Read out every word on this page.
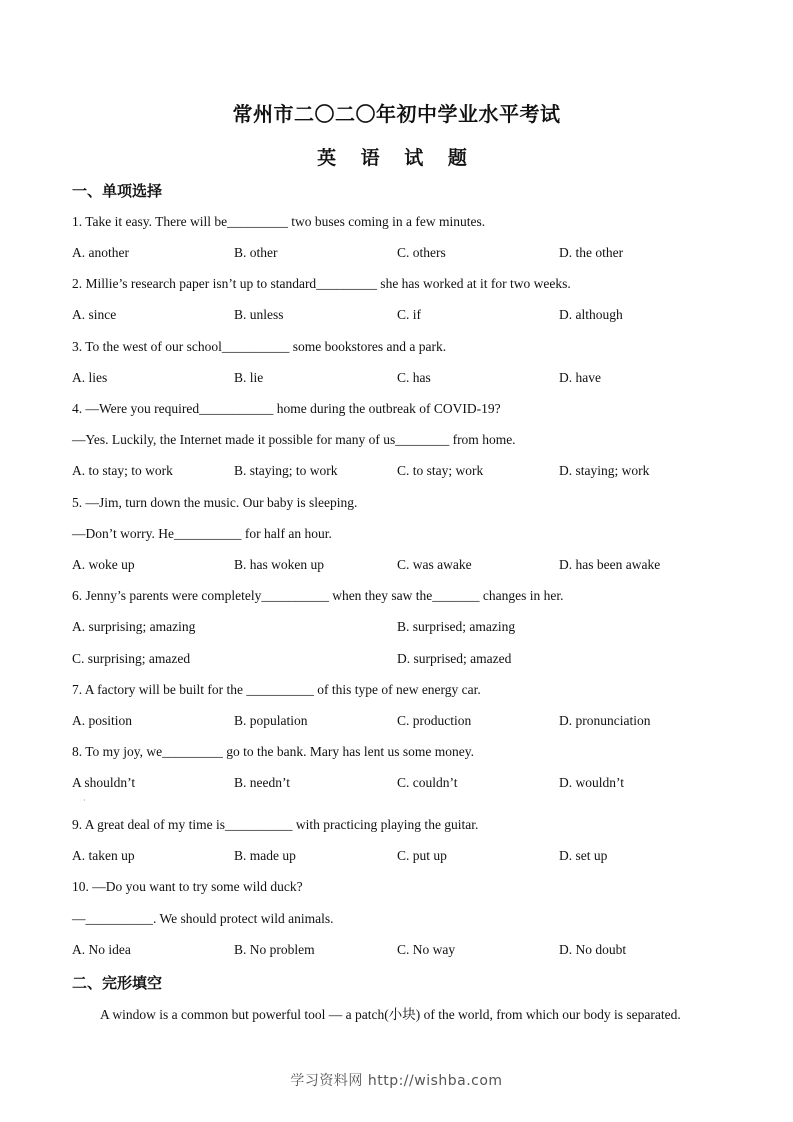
常州市二〇二〇年初中学业水平考试
英 语 试 题
一、单项选择
1. Take it easy. There will be_________ two buses coming in a few minutes.
A. another	B. other	C. others	D. the other
2. Millie’s research paper isn’t up to standard_________ she has worked at it for two weeks.
A. since	B. unless	C. if	D. although
3. To the west of our school__________ some bookstores and a park.
A. lies	B. lie	C. has	D. have
4. —Were you required___________ home during the outbreak of COVID-19?
—Yes. Luckily, the Internet made it possible for many of us________ from home.
A. to stay; to work	B. staying; to work	C. to stay; work	D. staying; work
5. —Jim, turn down the music. Our baby is sleeping.
—Don’t worry. He__________ for half an hour.
A. woke up	B. has woken up	C. was awake	D. has been awake
6. Jenny’s parents were completely__________ when they saw the_______ changes in her.
A. surprising; amazing	B. surprised; amazing
C. surprising; amazed	D. surprised; amazed
7. A factory will be built for the __________ of this type of new energy car.
A. position	B. population	C. production	D. pronunciation
8. To my joy, we_________ go to the bank. Mary has lent us some money.
A shouldn’t	B. needn’t	C. couldn’t	D. wouldn’t
·
9. A great deal of my time is__________ with practicing playing the guitar.
A. taken up	B. made up	C. put up	D. set up
10. —Do you want to try some wild duck?
—__________. We should protect wild animals.
A. No idea	B. No problem	C. No way	D. No doubt
二、完形填空
A window is a common but powerful tool — a patch(小块) of the world, from which our body is separated.
学习资料网 http://wishba.com
